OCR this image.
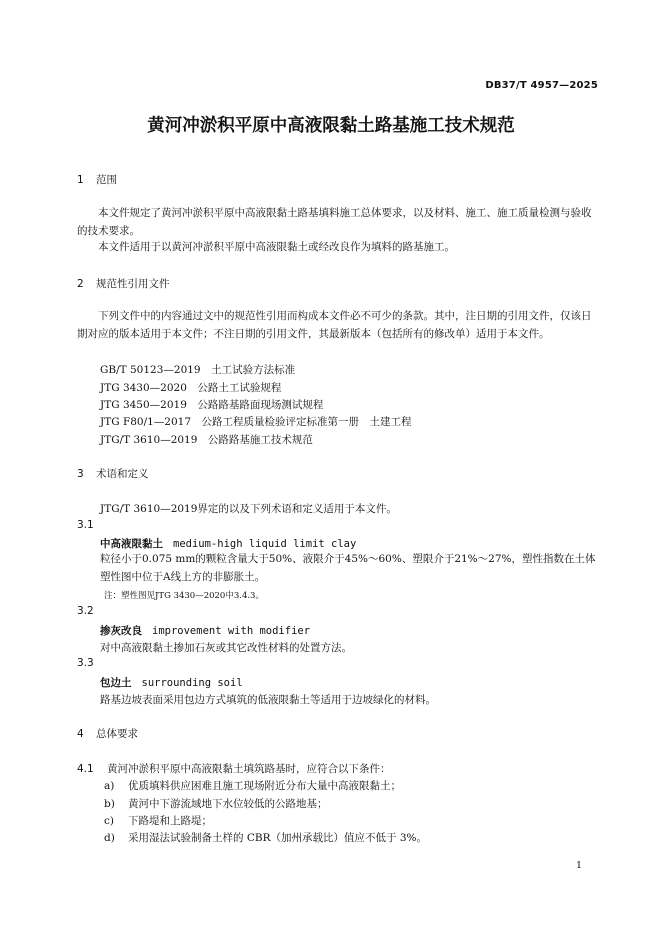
DB37/T 4957—2025
黄河冲淤积平原中高液限黏土路基施工技术规范
1 范围
本文件规定了黄河冲淤积平原中高液限黏土路基填料施工总体要求，以及材料、施工、施工质量检测与验收的技术要求。
本文件适用于以黄河冲淤积平原中高液限黏土或经改良作为填料的路基施工。
2 规范性引用文件
下列文件中的内容通过文中的规范性引用而构成本文件必不可少的条款。其中，注日期的引用文件，仅该日期对应的版本适用于本文件；不注日期的引用文件，其最新版本（包括所有的修改单）适用于本文件。
GB/T 50123—2019　土工试验方法标准
JTG 3430—2020　公路土工试验规程
JTG 3450—2019　公路路基路面现场测试规程
JTG F80/1—2017　公路工程质量检验评定标准第一册　土建工程
JTG/T 3610—2019　公路路基施工技术规范
3 术语和定义
JTG/T 3610—2019界定的以及下列术语和定义适用于本文件。
3.1
中高液限黏土 medium-high liquid limit clay
粒径小于0.075 mm的颗粒含量大于50%、液限介于45%～60%、塑限介于21%～27%，塑性指数在土体塑性图中位于A线上方的非膨胀土。
注：塑性图见JTG 3430—2020中3.4.3。
3.2
掺灰改良 improvement with modifier
对中高液限黏土掺加石灰或其它改性材料的处置方法。
3.3
包边土 surrounding soil
路基边坡表面采用包边方式填筑的低液限黏土等适用于边坡绿化的材料。
4 总体要求
4.1 黄河冲淤积平原中高液限黏土填筑路基时，应符合以下条件：
a) 优质填料供应困难且施工现场附近分布大量中高液限黏土；
b) 黄河中下游流域地下水位较低的公路地基；
c) 下路堤和上路堤；
d) 采用湿法试验制备土样的 CBR（加州承载比）值应不低于 3%。
1
